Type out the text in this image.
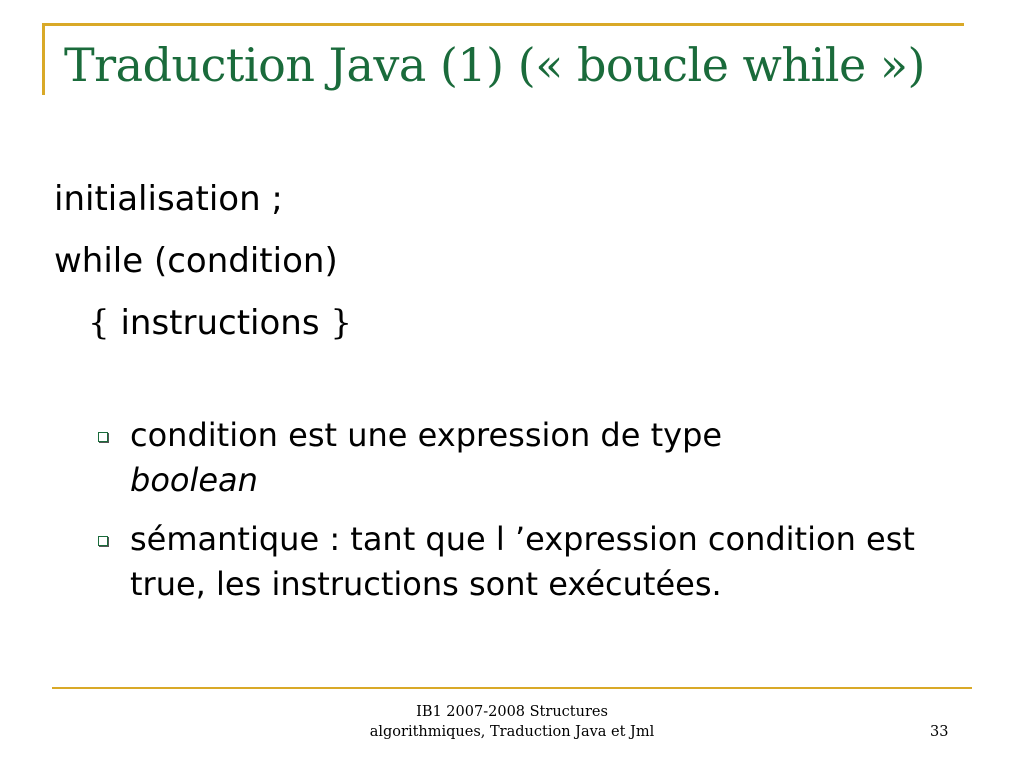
Traduction Java (1) (« boucle while »)
initialisation ;
while (condition)
{ instructions }
condition est une expression de type
boolean
sémantique : tant que l ’expression condition est true, les instructions sont exécutées.
IB1 2007-2008 Structures
algorithmiques, Traduction Java et Jml	33
